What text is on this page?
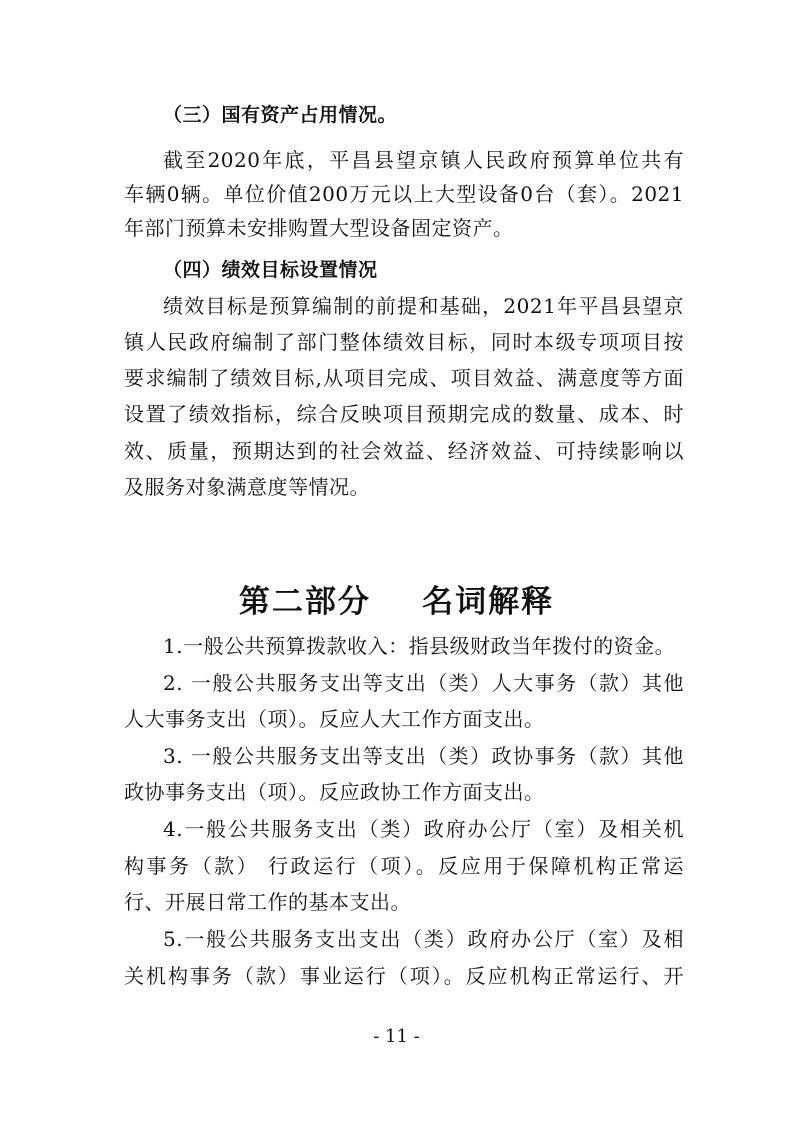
（三）国有资产占用情况。
截至2020年底，平昌县望京镇人民政府预算单位共有
车辆0辆。单位价值200万元以上大型设备0台（套）。2021
年部门预算未安排购置大型设备固定资产。
（四）绩效目标设置情况
绩效目标是预算编制的前提和基础，2021年平昌县望京
镇人民政府编制了部门整体绩效目标，同时本级专项项目按
要求编制了绩效目标,从项目完成、项目效益、满意度等方面
设置了绩效指标，综合反映项目预期完成的数量、成本、时
效、质量，预期达到的社会效益、经济效益、可持续影响以
及服务对象满意度等情况。
第二部分    名词解释
1.一般公共预算拨款收入：指县级财政当年拨付的资金。
2. 一般公共服务支出等支出（类）人大事务（款）其他
人大事务支出（项）。反应人大工作方面支出。
3. 一般公共服务支出等支出（类）政协事务（款）其他
政协事务支出（项）。反应政协工作方面支出。
4.一般公共服务支出（类）政府办公厅（室）及相关机
构事务（款） 行政运行（项）。反应用于保障机构正常运
行、开展日常工作的基本支出。
5.一般公共服务支出支出（类）政府办公厅（室）及相
关机构事务（款）事业运行（项）。反应机构正常运行、开
- 11 -
